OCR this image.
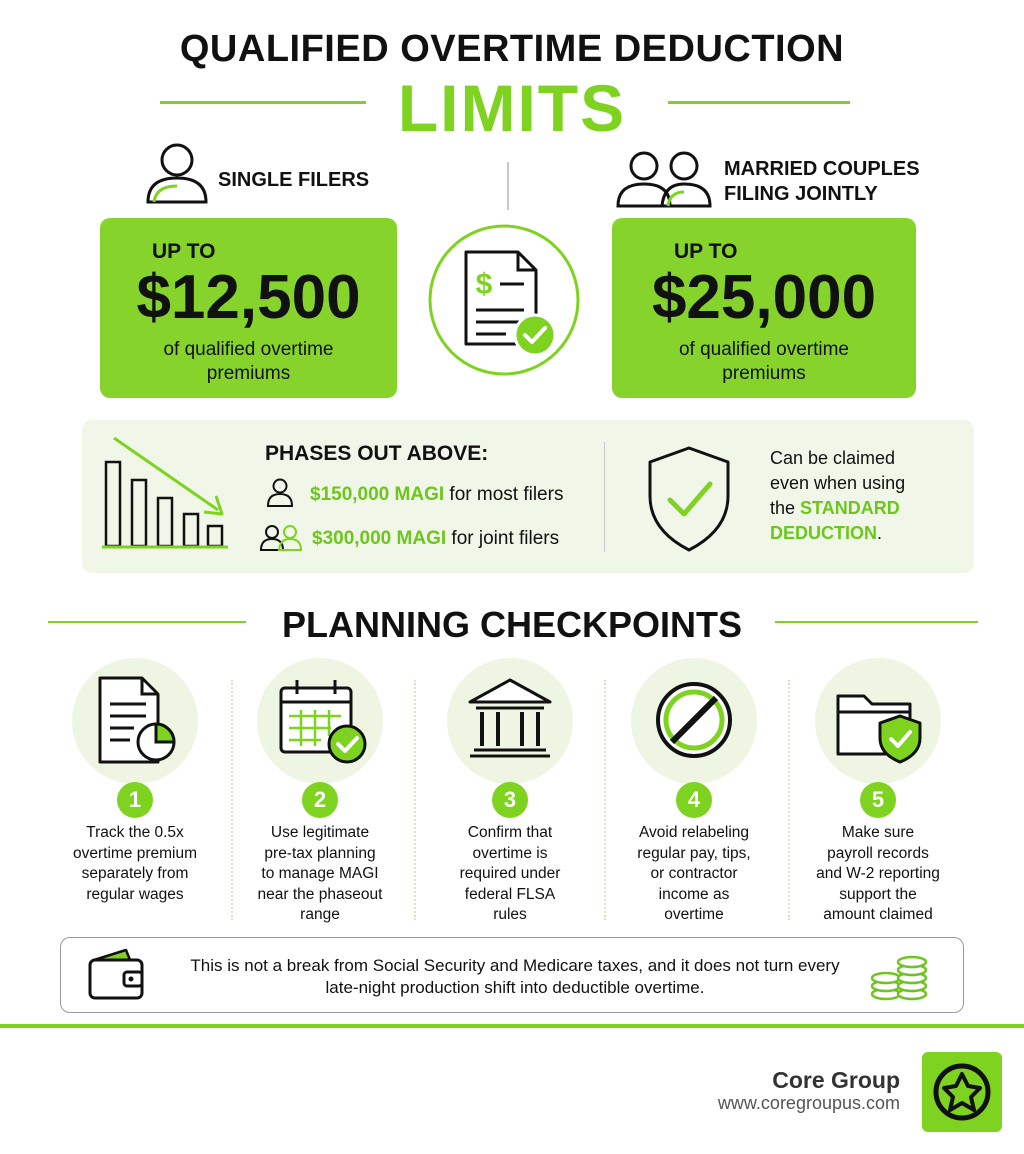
QUALIFIED OVERTIME DEDUCTION
LIMITS
SINGLE FILERS
UP TO
$12,500
of qualified overtime
premiums
$
MARRIED COUPLES
FILING JOINTLY
UP TO
$25,000
of qualified overtime
premiums
PHASES OUT ABOVE:
$150,000 MAGI for most filers
$300,000 MAGI for joint filers
Can be claimed
even when using
the STANDARD
DEDUCTION.
PLANNING CHECKPOINTS
1
Track the 0.5x
overtime premium
separately from
regular wages
2
Use legitimate
pre-tax planning
to manage MAGI
near the phaseout
range
3
Confirm that
overtime is
required under
federal FLSA
rules
4
Avoid relabeling
regular pay, tips,
or contractor
income as
overtime
5
Make sure
payroll records
and W-2 reporting
support the
amount claimed
This is not a break from Social Security and Medicare taxes, and it does not turn every
late-night production shift into deductible overtime.
Core Group
www.coregroupus.com
